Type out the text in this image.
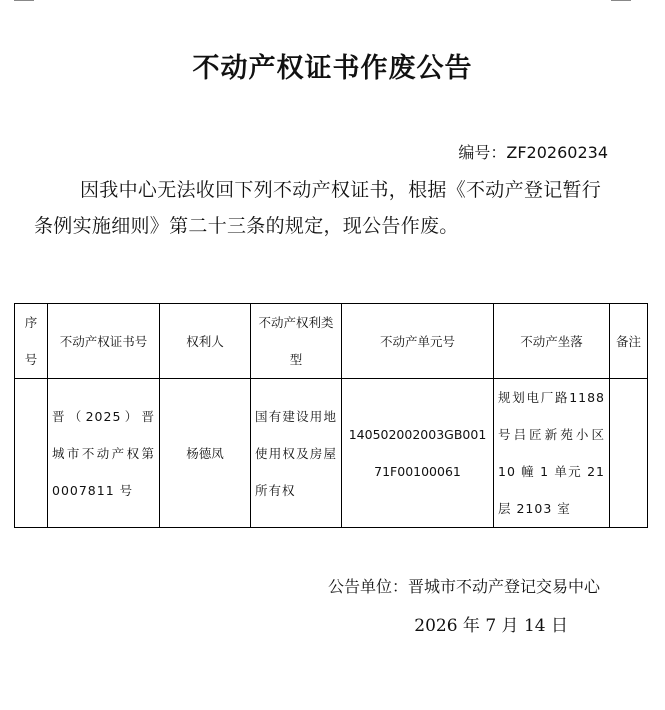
不动产权证书作废公告
编号：ZF20260234
因我中心无法收回下列不动产权证书，根据《不动产登记暂行条例实施细则》第二十三条的规定，现公告作废。
序号	不动产权证书号	权利人	不动产权利类型	不动产单元号	不动产坐落	备注
	晋（2025）晋城市不动产权第0007811 号	杨德凤	国有建设用地使用权及房屋所有权	140502002003GB00171F00100061	规划电厂路1188号吕匠新苑小区10 幢 1 单元 21层 2103 室	
公告单位：晋城市不动产登记交易中心
2026 年 7 月 14 日
